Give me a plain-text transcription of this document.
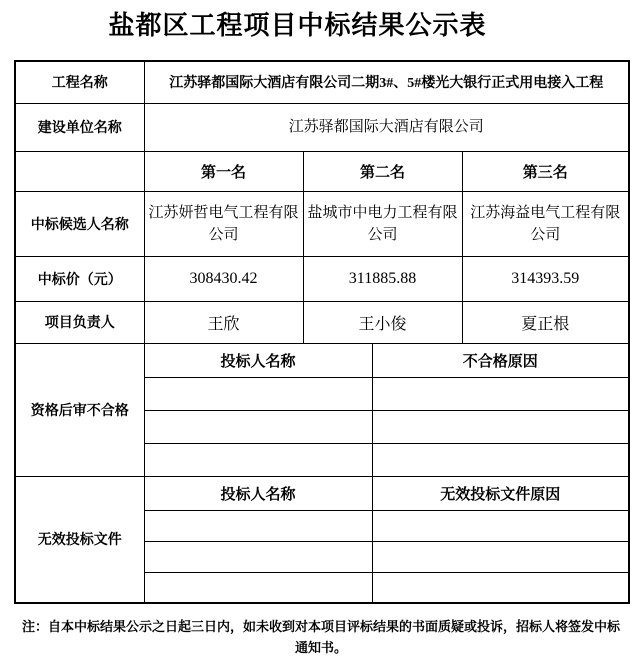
盐都区工程项目中标结果公示表
工程名称	江苏驿都国际大酒店有限公司二期3#、5#楼光大银行正式用电接入工程			
建设单位名称	江苏驿都国际大酒店有限公司			
	第一名	第二名		第三名
中标候选人名称	江苏妍哲电气工程有限公司	盐城市中电力工程有限公司		江苏海益电气工程有限公司
中标价（元）	308430.42	311885.88		314393.59
项目负责人	王欣	王小俊		夏正根
资格后审不合格	投标人名称		不合格原因	

无效投标文件	投标人名称		无效投标文件原因	

注：自本中标结果公示之日起三日内，如未收到对本项目评标结果的书面质疑或投诉，招标人将签发中标
通知书。
